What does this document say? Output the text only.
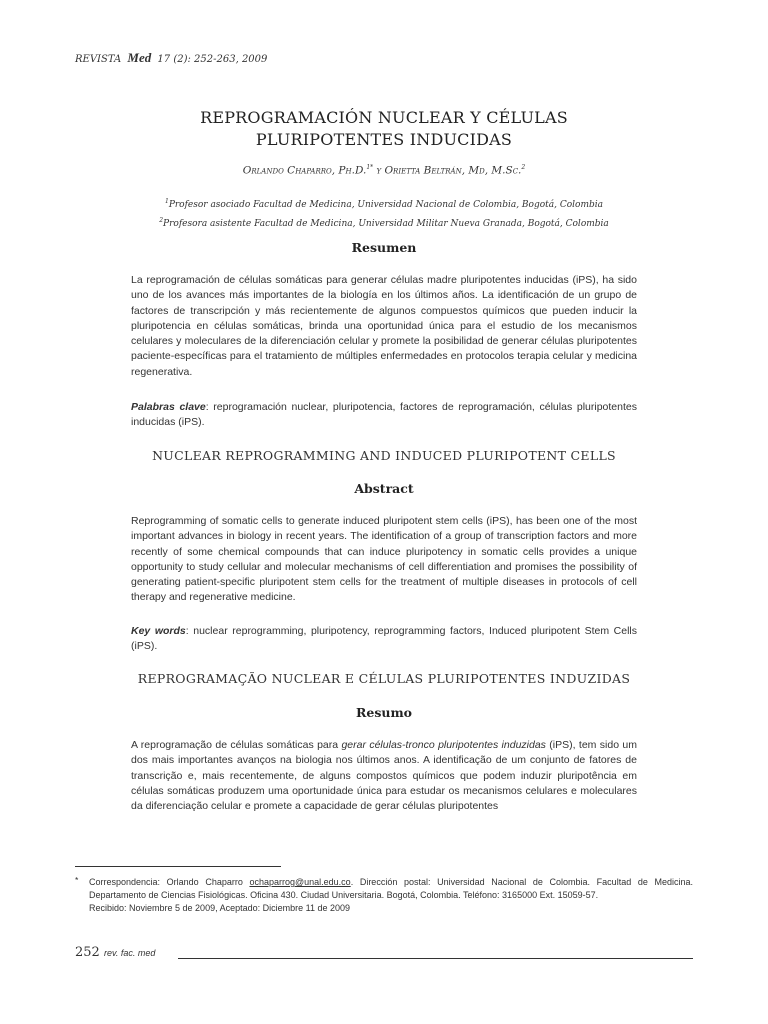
REVISTA Med 17 (2): 252-263, 2009
REPROGRAMACIÓN NUCLEAR Y CÉLULAS
PLURIPOTENTES INDUCIDAS
Orlando Chaparro, Ph.D.$^{1*}$ y Orietta Beltrán, Md, M.Sc.$^2$
$^1$Profesor asociado Facultad de Medicina, Universidad Nacional de Colombia, Bogotá, Colombia
$^2$Profesora asistente Facultad de Medicina, Universidad Militar Nueva Granada, Bogotá, Colombia
Resumen
La reprogramación de células somáticas para generar células madre pluripotentes inducidas (iPS), ha sido uno de los avances más importantes de la biología en los últimos años. La identificación de un grupo de factores de transcripción y más recientemente de algunos compuestos químicos que pueden inducir la pluripotencia en células somáticas, brinda una oportunidad única para el estudio de los mecanismos celulares y moleculares de la diferenciación celular y promete la posibilidad de generar células pluripotentes paciente-específicas para el tratamiento de múltiples enfermedades en protocolos terapia celular y medicina regenerativa.
Palabras clave: reprogramación nuclear, pluripotencia, factores de reprogramación, células pluripotentes inducidas (iPS).
NUCLEAR REPROGRAMMING AND INDUCED PLURIPOTENT CELLS
Abstract
Reprogramming of somatic cells to generate induced pluripotent stem cells (iPS), has been one of the most important advances in biology in recent years. The identification of a group of transcription factors and more recently of some chemical compounds that can induce pluripotency in somatic cells provides a unique opportunity to study cellular and molecular mechanisms of cell differentiation and promises the possibility of generating patient-specific pluripotent stem cells for the treatment of multiple diseases in protocols of cell therapy and regenerative medicine.
Key words: nuclear reprogramming, pluripotency, reprogramming factors, Induced pluripotent Stem Cells (iPS).
REPROGRAMAÇÃO NUCLEAR E CÉLULAS PLURIPOTENTES INDUZIDAS
Resumo
A reprogramação de células somáticas para gerar células-tronco pluripotentes induzidas (iPS), tem sido um dos mais importantes avanços na biologia nos últimos anos. A identificação de um conjunto de fatores de transcrição e, mais recentemente, de alguns compostos químicos que podem induzir pluripotência em células somáticas produzem uma oportunidade única para estudar os mecanismos celulares e moleculares da diferenciação celular e promete a capacidade de gerar células pluripotentes
* Correspondencia: Orlando Chaparro ochaparrog@unal.edu.co. Dirección postal: Universidad Nacional de Colombia. Facultad de Medicina. Departamento de Ciencias Fisiológicas. Oficina 430. Ciudad Universitaria. Bogotá, Colombia. Teléfono: 3165000 Ext. 15059-57.
Recibido: Noviembre 5 de 2009, Aceptado: Diciembre 11 de 2009
252 rev. fac. med
